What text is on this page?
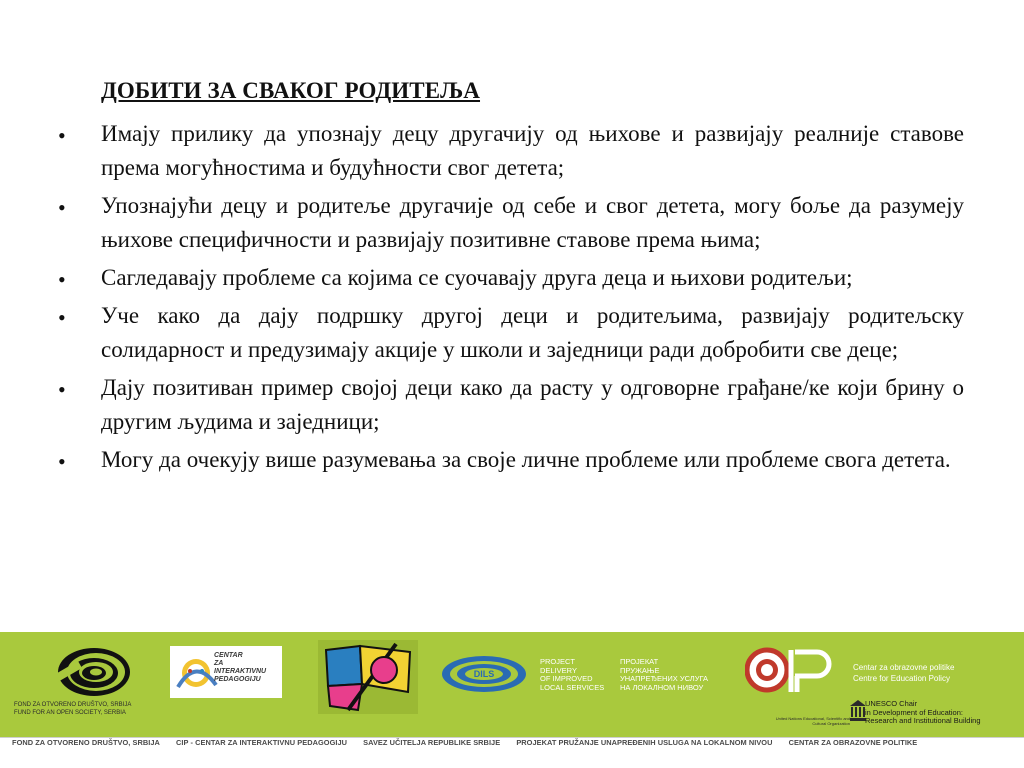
ДОБИТИ ЗА СВАКОГ РОДИТЕЉА
• Имају прилику да упознају децу другачију од њихове и развијају реалније ставове према могућностима и будућности свог детета;
• Упознајући децу и родитеље другачије од себе и свог детета, могу боље да разумеју њихове специфичности и развијају позитивне ставове према њима;
• Сагледавају проблеме са којима се суочавају друга деца и њихови родитељи;
• Уче како да дају подршку другој деци и родитељима, развијају родитељску солидарност и предузимају акције у школи и заједници ради добробити све деце;
• Дају позитиван пример својој деци како да расту у одговорне грађане/ке који брину о другим људима и заједници;
• Могу да очекују више разумевања за своје личне проблеме или проблеме свога детета.
FOND ZA OTVORENO DRUŠTVO, SRBIJA
FUND FOR AN OPEN SOCIETY, SERBIA
CENTAR
ZA
INTERAKTIVNU
PEDAGOGIJU
DILS
PROJECT
DELIVERY
OF IMPROVED
LOCAL SERVICES
ПРОЈЕКАТ
ПРУЖАЊЕ
УНАПРЕЂЕНИХ УСЛУГА
НА ЛОКАЛНОМ НИВОУ
Centar za obrazovne politike
Centre for Education Policy
United Nations Educational, Scientific and Cultural Organization
UNESCO Chair
in Development of Education:
Research and Institutional Building
FOND ZA OTVORENO DRUŠTVO, SRBIJA CIP - CENTAR ZA INTERAKTIVNU PEDAGOGIJU SAVEZ UČITELJA REPUBLIKE SRBIJE PROJEKAT PRUŽANJE UNAPREĐENIH USLUGA NA LOKALNOM NIVOU CENTAR ZA OBRAZOVNE POLITIKE
